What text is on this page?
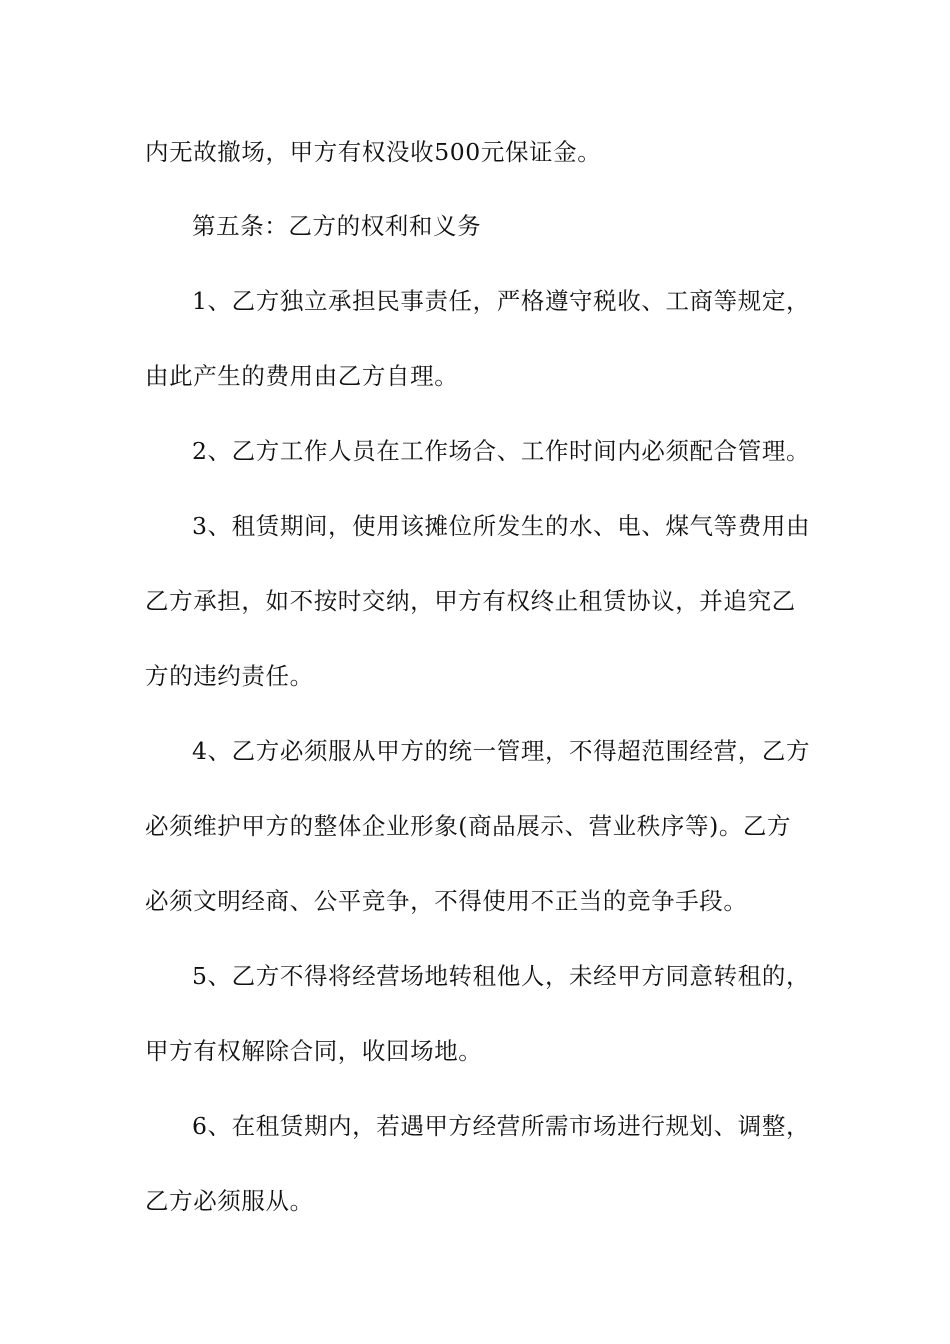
内无故撤场，甲方有权没收500元保证金。
第五条：乙方的权利和义务
1、乙方独立承担民事责任，严格遵守税收、工商等规定，
由此产生的费用由乙方自理。
2、乙方工作人员在工作场合、工作时间内必须配合管理。
3、租赁期间，使用该摊位所发生的水、电、煤气等费用由
乙方承担，如不按时交纳，甲方有权终止租赁协议，并追究乙
方的违约责任。
4、乙方必须服从甲方的统一管理，不得超范围经营，乙方
必须维护甲方的整体企业形象(商品展示、营业秩序等)。乙方
必须文明经商、公平竞争，不得使用不正当的竞争手段。
5、乙方不得将经营场地转租他人，未经甲方同意转租的，
甲方有权解除合同，收回场地。
6、在租赁期内，若遇甲方经营所需市场进行规划、调整，
乙方必须服从。
